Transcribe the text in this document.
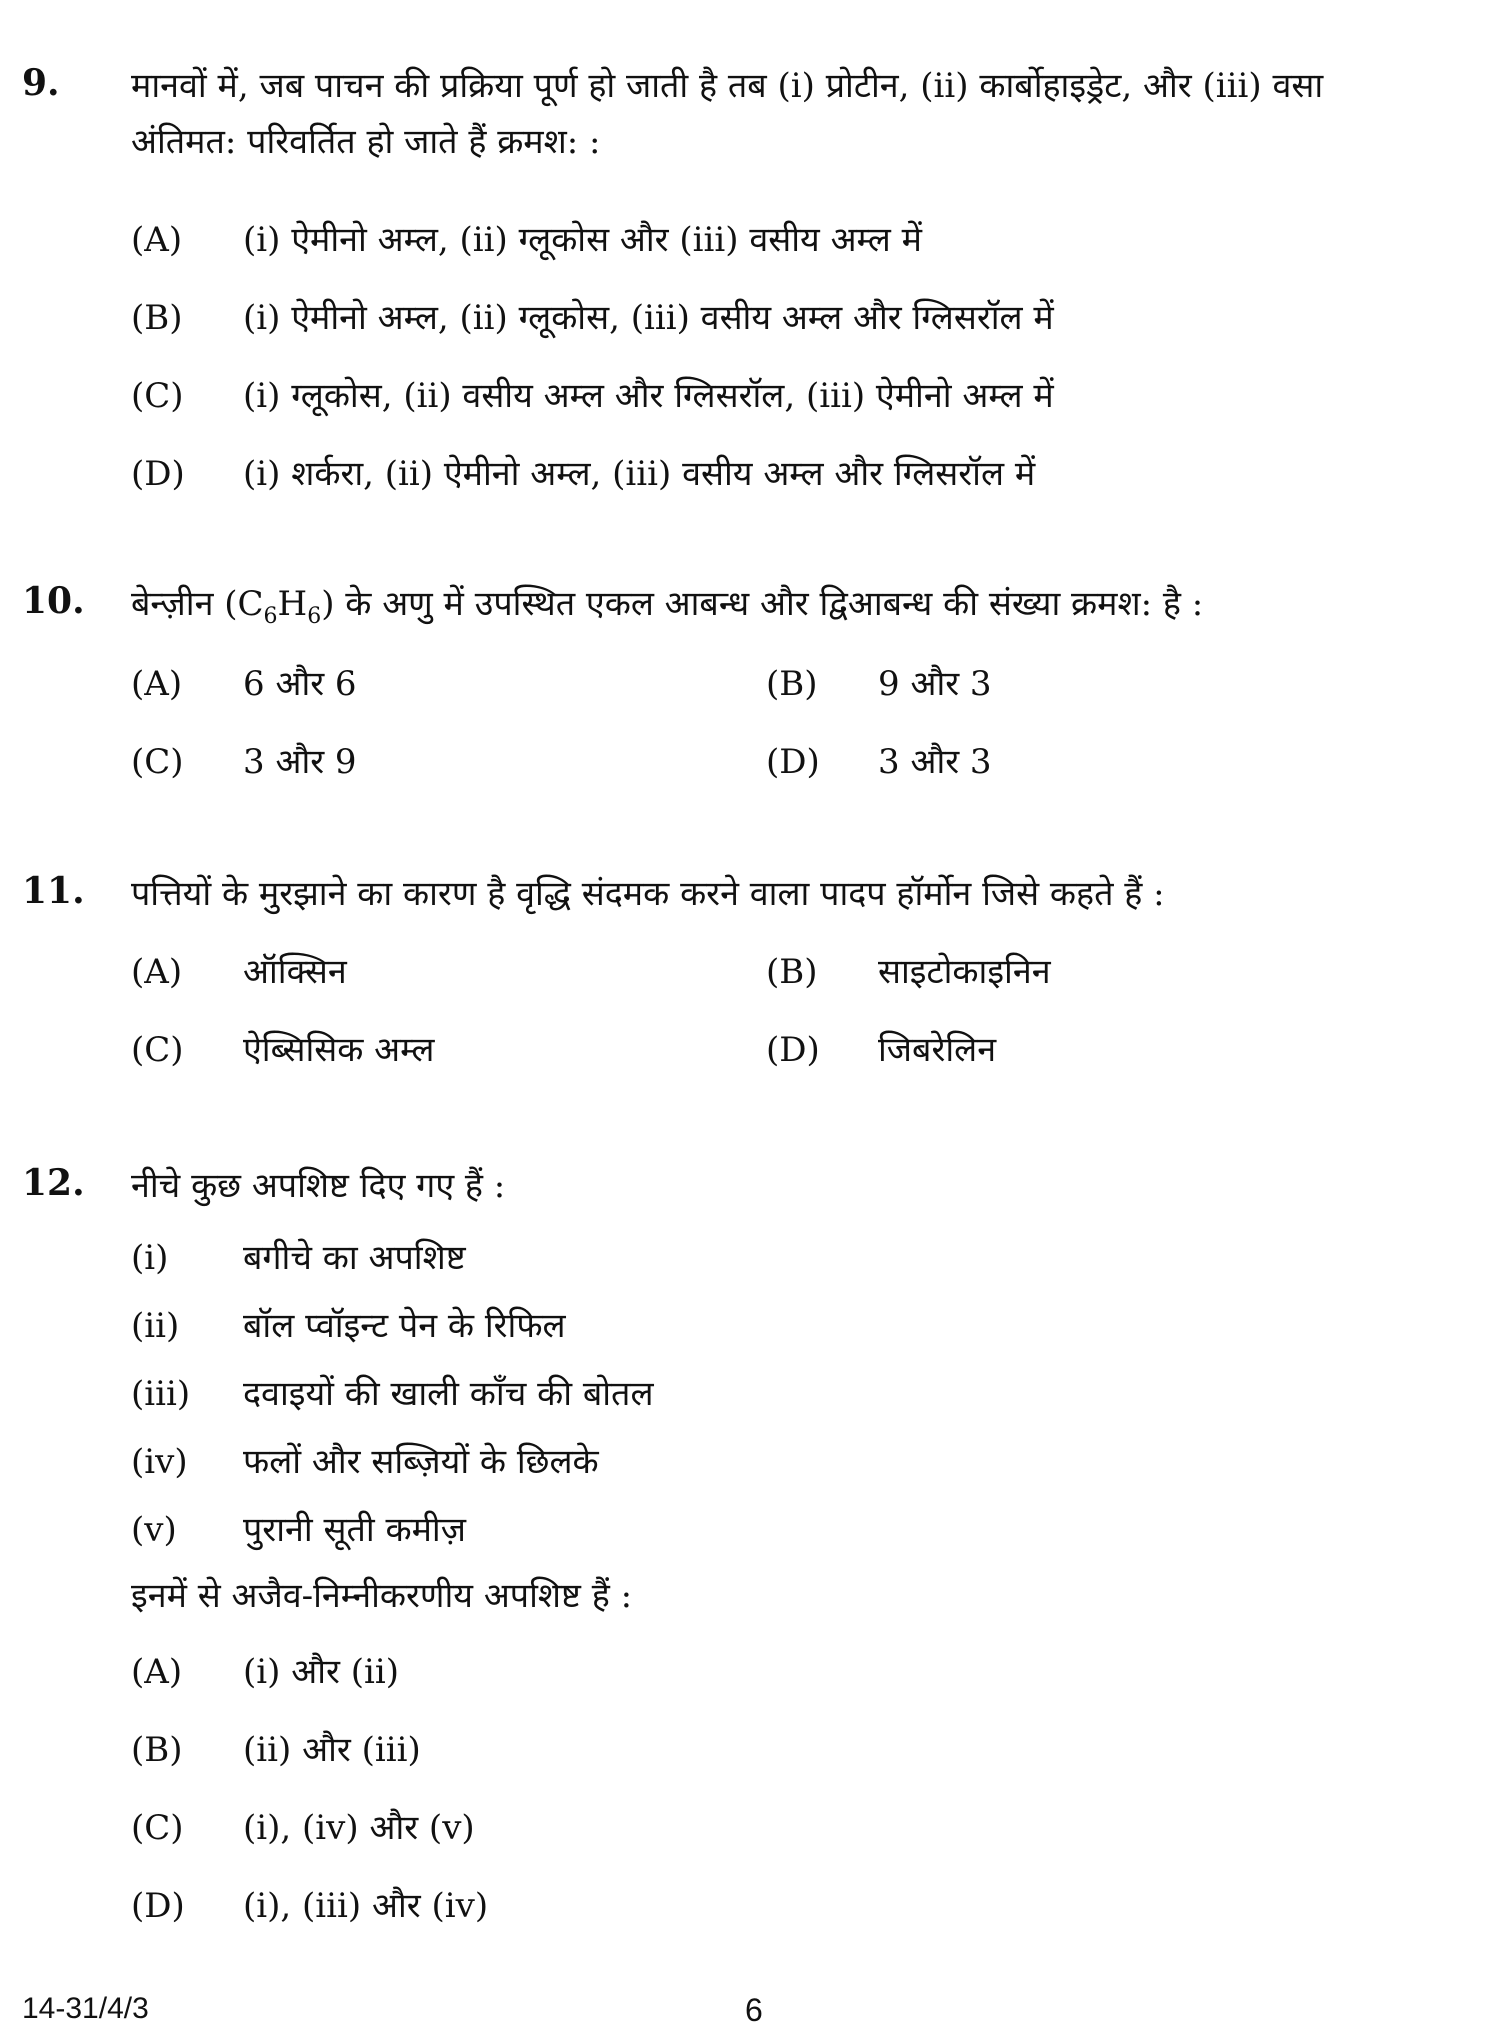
9. मानवों में, जब पाचन की प्रक्रिया पूर्ण हो जाती है तब (i) प्रोटीन, (ii) कार्बोहाइड्रेट, और (iii) वसा अंतिमत: परिवर्तित हो जाते हैं क्रमश: :
(A) (i) ऐमीनो अम्ल, (ii) ग्लूकोस और (iii) वसीय अम्ल में
(B) (i) ऐमीनो अम्ल, (ii) ग्लूकोस, (iii) वसीय अम्ल और ग्लिसरॉल में
(C) (i) ग्लूकोस, (ii) वसीय अम्ल और ग्लिसरॉल, (iii) ऐमीनो अम्ल में
(D) (i) शर्करा, (ii) ऐमीनो अम्ल, (iii) वसीय अम्ल और ग्लिसरॉल में
10. बेन्ज़ीन $(C_6H_6)$ के अणु में उपस्थित एकल आबन्ध और द्विआबन्ध की संख्या क्रमश: है :
(A) 6 और 6	(B) 9 और 3
(C) 3 और 9	(D) 3 और 3
11. पत्तियों के मुरझाने का कारण है वृद्धि संदमक करने वाला पादप हॉर्मोन जिसे कहते हैं :
(A) ऑक्सिन	(B) साइटोकाइनिन
(C) ऐब्सिसिक अम्ल	(D) जिबरेलिन
12. नीचे कुछ अपशिष्ट दिए गए हैं :
(i) बगीचे का अपशिष्ट
(ii) बॉल प्वॉइन्ट पेन के रिफिल
(iii) दवाइयों की खाली काँच की बोतल
(iv) फलों और सब्ज़ियों के छिलके
(v) पुरानी सूती कमीज़
इनमें से अजैव-निम्नीकरणीय अपशिष्ट हैं :
(A) (i) और (ii)
(B) (ii) और (iii)
(C) (i), (iv) और (v)
(D) (i), (iii) और (iv)
14-31/4/3	6
